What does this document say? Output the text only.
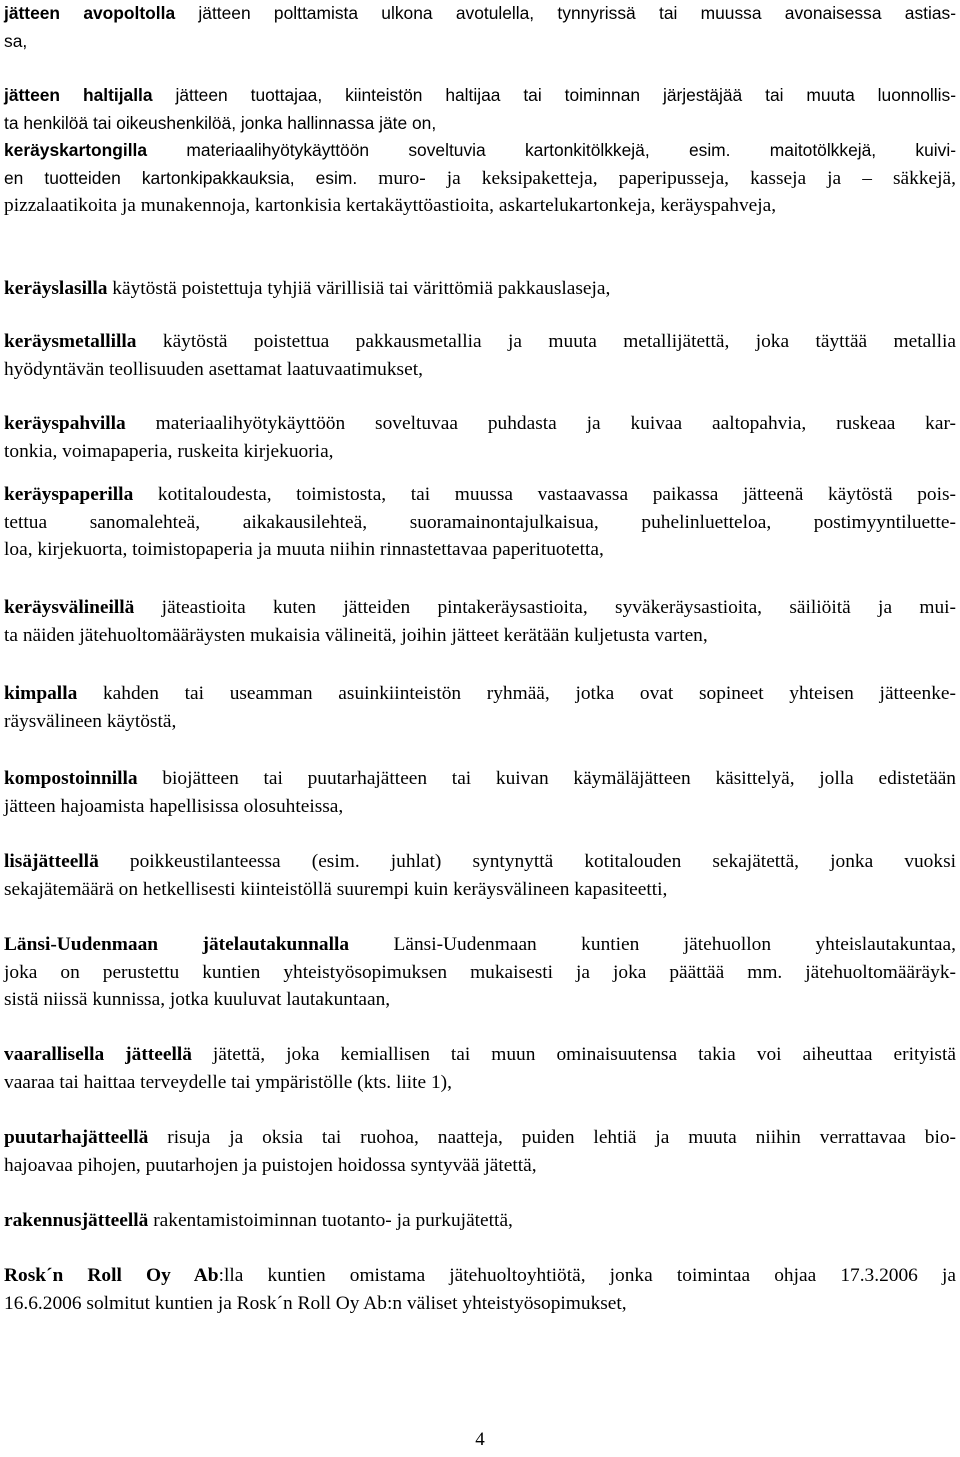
jätteen avopoltolla jätteen polttamista ulkona avotulella, tynnyrissä tai muussa avonaisessa astias-
sa,

jätteen haltijalla jätteen tuottajaa, kiinteistön haltijaa tai toiminnan järjestäjää tai muuta luonnollis-
ta henkilöä tai oikeushenkilöä, jonka hallinnassa jäte on,

keräyskartongilla materiaalihyötykäyttöön soveltuvia kartonkitölkkejä, esim. maitotölkkejä, kuivi-
en tuotteiden kartonkipakkauksia, esim. muro- ja keksipaketteja, paperipusseja, kasseja ja – säkkejä,
pizzalaatikoita ja munakennoja, kartonkisia kertakäyttöastioita, askartelukartonkeja, keräyspahveja,

keräyslasilla käytöstä poistettuja tyhjiä värillisiä tai värittömiä pakkauslaseja,

keräysmetallilla käytöstä poistettua pakkausmetallia ja muuta metallijätettä, joka täyttää metallia
hyödyntävän teollisuuden asettamat laatuvaatimukset,

keräyspahvilla materiaalihyötykäyttöön soveltuvaa puhdasta ja kuivaa aaltopahvia, ruskeaa kar-
tonkia, voimapaperia, ruskeita kirjekuoria,

keräyspaperilla kotitaloudesta, toimistosta, tai muussa vastaavassa paikassa jätteenä käytöstä pois-
tettua sanomalehteä, aikakausilehteä, suoramainontajulkaisua, puhelinluetteloa, postimyyntiluette-
loa, kirjekuorta, toimistopaperia ja muuta niihin rinnastettavaa paperituotetta,

keräysvälineillä jäteastioita kuten jätteiden pintakeräysastioita, syväkeräysastioita, säiliöitä ja mui-
ta näiden jätehuoltomääräysten mukaisia välineitä, joihin jätteet kerätään kuljetusta varten,

kimpalla kahden tai useamman asuinkiinteistön ryhmää, jotka ovat sopineet yhteisen jätteenke-
räysvälineen käytöstä,

kompostoinnilla biojätteen tai puutarhajätteen tai kuivan käymäläjätteen käsittelyä, jolla edistetään
jätteen hajoamista hapellisissa olosuhteissa,

lisäjätteellä poikkeustilanteessa (esim. juhlat) syntynyttä kotitalouden sekajätettä, jonka vuoksi
sekajätemäärä on hetkellisesti kiinteistöllä suurempi kuin keräysvälineen kapasiteetti,

Länsi-Uudenmaan jätelautakunnalla Länsi-Uudenmaan kuntien jätehuollon yhteislautakuntaa,
joka on perustettu kuntien yhteistyösopimuksen mukaisesti ja joka päättää mm. jätehuoltomääräyk-
sistä niissä kunnissa, jotka kuuluvat lautakuntaan,

vaarallisella jätteellä jätettä, joka kemiallisen tai muun ominaisuutensa takia voi aiheuttaa erityistä
vaaraa tai haittaa terveydelle tai ympäristölle (kts. liite 1),

puutarhajätteellä risuja ja oksia tai ruohoa, naatteja, puiden lehtiä ja muuta niihin verrattavaa bio-
hajoavaa pihojen, puutarhojen ja puistojen hoidossa syntyvää jätettä,

rakennusjätteellä rakentamistoiminnan tuotanto- ja purkujätettä,

Rosk´n Roll Oy Ab:lla kuntien omistama jätehuoltoyhtiötä, jonka toimintaa ohjaa 17.3.2006 ja
16.6.2006 solmitut kuntien ja Rosk´n Roll Oy Ab:n väliset yhteistyösopimukset,

4
